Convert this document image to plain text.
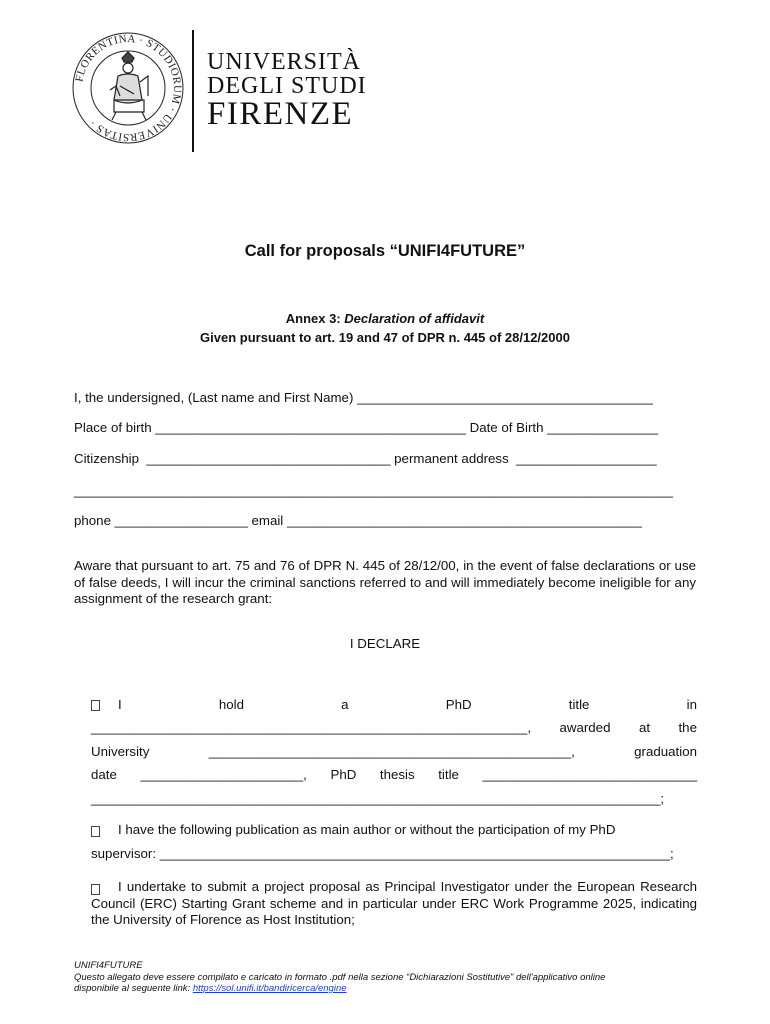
FLORENTINA · STUDIORUM · UNIVERSITAS ·
UNIVERSITÀ
DEGLI STUDI
FIRENZE
Call for proposals “UNIFI4FUTURE”
Annex 3: Declaration of affidavit
Given pursuant to art. 19 and 47 of DPR n. 445 of 28/12/2000
I, the undersigned, (Last name and First Name) ________________________________________
Place of birth __________________________________________ Date of Birth _______________
Citizenship  _________________________________ permanent address  ___________________
_________________________________________________________________________________
phone __________________ email ________________________________________________
Aware that pursuant to art. 75 and 76 of DPR N. 445 of 28/12/00, in the event of false declarations or use of false deeds, I will incur the criminal sanctions referred to and will immediately become ineligible for any assignment of the research grant:
I DECLARE
I	hold	a	PhD	title	in
___________________________________________________________, awarded at the
University	_________________________________________________,	graduation
date ______________________, PhD thesis title _____________________________
_____________________________________________________________________________;
I have the following publication as main author or without the participation of my PhD
supervisor: _____________________________________________________________________;
I undertake to submit a project proposal as Principal Investigator under the European Research Council (ERC) Starting Grant scheme and in particular under ERC Work Programme 2025, indicating the University of Florence as Host Institution;
UNIFI4FUTURE
Questo allegato deve essere compilato e caricato in formato .pdf nella sezione “Dichiarazioni Sostitutive” dell'applicativo online
disponibile al seguente link: https://sol.unifi.it/bandiricerca/engine
